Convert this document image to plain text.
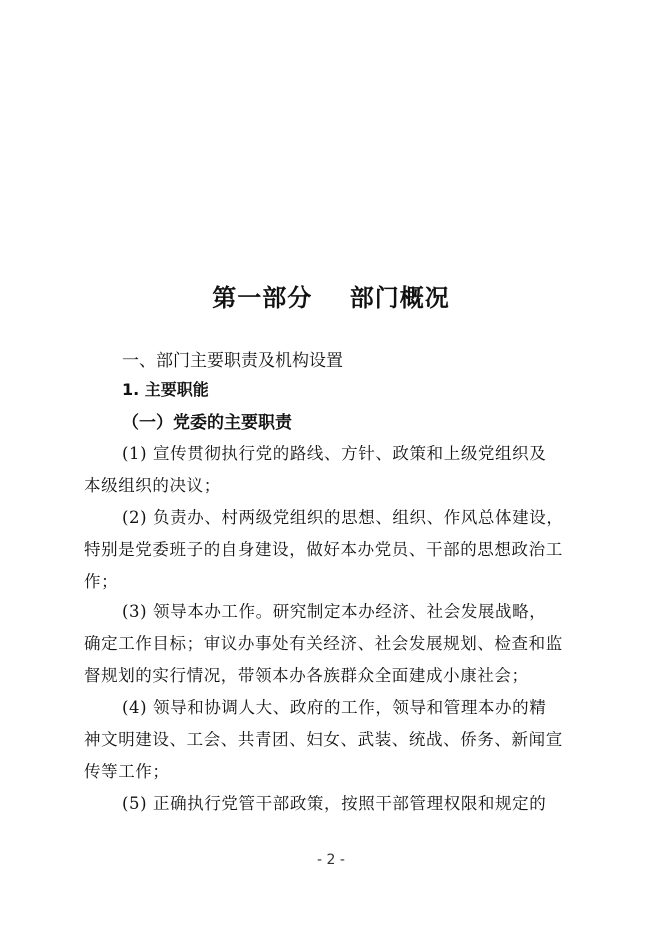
第一部分    部门概况
一、部门主要职责及机构设置
1. 主要职能
（一）党委的主要职责
(1) 宣传贯彻执行党的路线、方针、政策和上级党组织及
本级组织的决议；
(2) 负责办、村两级党组织的思想、组织、作风总体建设，
特别是党委班子的自身建设，做好本办党员、干部的思想政治工
作；
(3) 领导本办工作。研究制定本办经济、社会发展战略，
确定工作目标；审议办事处有关经济、社会发展规划、检查和监
督规划的实行情况，带领本办各族群众全面建成小康社会；
(4) 领导和协调人大、政府的工作，领导和管理本办的精
神文明建设、工会、共青团、妇女、武装、统战、侨务、新闻宣
传等工作；
(5) 正确执行党管干部政策，按照干部管理权限和规定的
- 2 -
